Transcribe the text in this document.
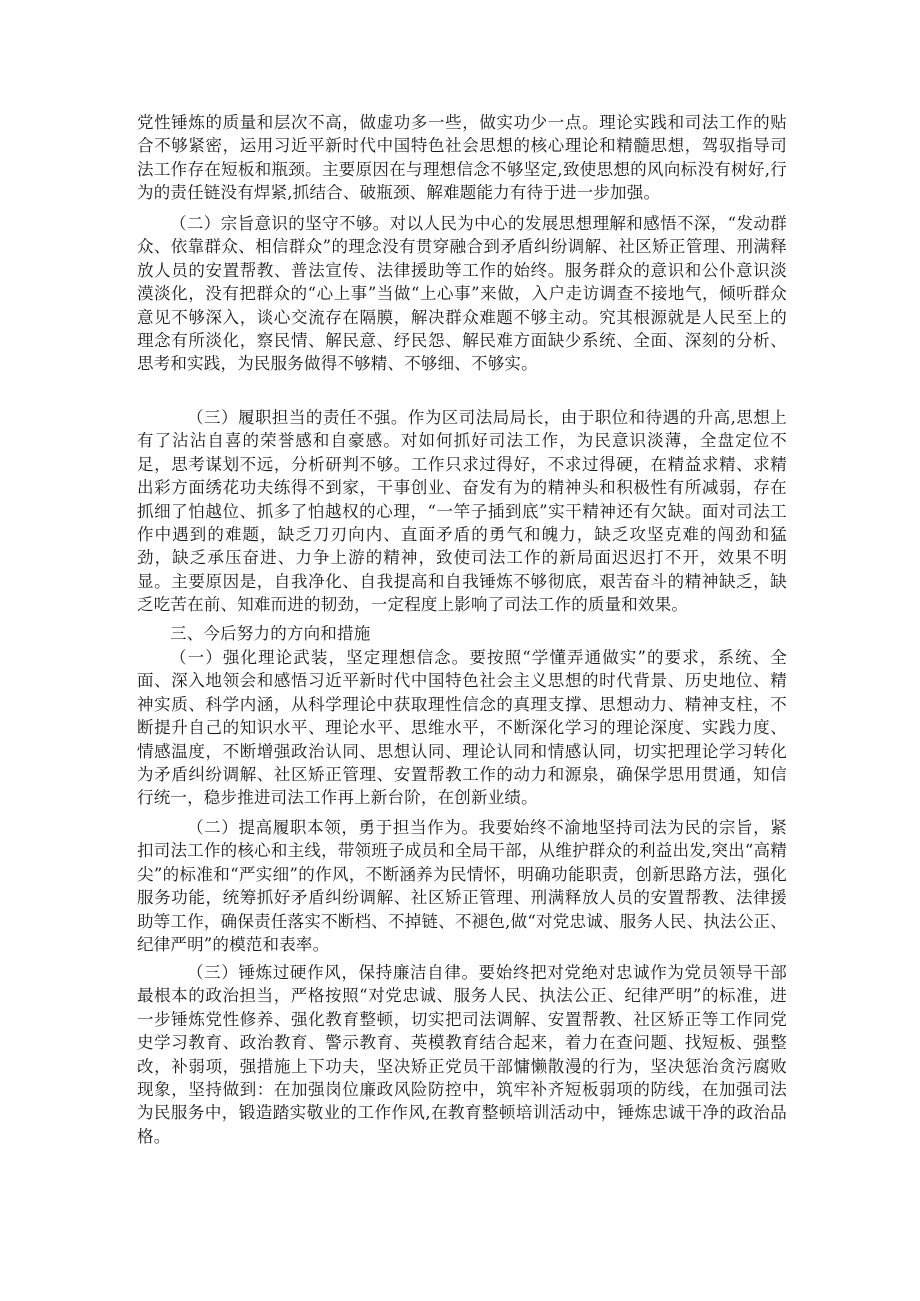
党性锤炼的质量和层次不高，做虚功多一些，做实功少一点。理论实践和司法工作的贴合不够紧密，运用习近平新时代中国特色社会思想的核心理论和精髓思想，驾驭指导司法工作存在短板和瓶颈。主要原因在与理想信念不够坚定,致使思想的风向标没有树好,行为的责任链没有焊紧,抓结合、破瓶颈、解难题能力有待于进一步加强。

（二）宗旨意识的坚守不够。对以人民为中心的发展思想理解和感悟不深，“发动群众、依靠群众、相信群众”的理念没有贯穿融合到矛盾纠纷调解、社区矫正管理、刑满释放人员的安置帮教、普法宣传、法律援助等工作的始终。服务群众的意识和公仆意识淡漠淡化，没有把群众的“心上事”当做“上心事”来做，入户走访调查不接地气，倾听群众意见不够深入，谈心交流存在隔膜，解决群众难题不够主动。究其根源就是人民至上的理念有所淡化，察民情、解民意、纾民怨、解民难方面缺少系统、全面、深刻的分析、思考和实践，为民服务做得不够精、不够细、不够实。

（三）履职担当的责任不强。作为区司法局局长，由于职位和待遇的升高,思想上有了沾沾自喜的荣誉感和自豪感。对如何抓好司法工作，为民意识淡薄，全盘定位不足，思考谋划不远，分析研判不够。工作只求过得好，不求过得硬，在精益求精、求精出彩方面绣花功夫练得不到家，干事创业、奋发有为的精神头和积极性有所减弱，存在抓细了怕越位、抓多了怕越权的心理，“一竿子插到底”实干精神还有欠缺。面对司法工作中遇到的难题，缺乏刀刃向内、直面矛盾的勇气和魄力，缺乏攻坚克难的闯劲和猛劲，缺乏承压奋进、力争上游的精神，致使司法工作的新局面迟迟打不开，效果不明显。主要原因是，自我净化、自我提高和自我锤炼不够彻底，艰苦奋斗的精神缺乏，缺乏吃苦在前、知难而进的韧劲，一定程度上影响了司法工作的质量和效果。

三、今后努力的方向和措施

（一）强化理论武装，坚定理想信念。要按照“学懂弄通做实”的要求，系统、全面、深入地领会和感悟习近平新时代中国特色社会主义思想的时代背景、历史地位、精神实质、科学内涵，从科学理论中获取理性信念的真理支撑、思想动力、精神支柱，不断提升自己的知识水平、理论水平、思维水平，不断深化学习的理论深度、实践力度、情感温度，不断增强政治认同、思想认同、理论认同和情感认同，切实把理论学习转化为矛盾纠纷调解、社区矫正管理、安置帮教工作的动力和源泉，确保学思用贯通，知信行统一，稳步推进司法工作再上新台阶，在创新业绩。

（二）提高履职本领，勇于担当作为。我要始终不渝地坚持司法为民的宗旨，紧扣司法工作的核心和主线，带领班子成员和全局干部，从维护群众的利益出发,突出“高精尖”的标准和“严实细”的作风，不断涵养为民情怀，明确功能职责，创新思路方法，强化服务功能，统筹抓好矛盾纠纷调解、社区矫正管理、刑满释放人员的安置帮教、法律援助等工作，确保责任落实不断档、不掉链、不褪色,做“对党忠诚、服务人民、执法公正、纪律严明”的模范和表率。

（三）锤炼过硬作风，保持廉洁自律。要始终把对党绝对忠诚作为党员领导干部最根本的政治担当，严格按照“对党忠诚、服务人民、执法公正、纪律严明”的标准，进一步锤炼党性修养、强化教育整顿，切实把司法调解、安置帮教、社区矫正等工作同党史学习教育、政治教育、警示教育、英模教育结合起来，着力在查问题、找短板、强整改，补弱项，强措施上下功夫，坚决矫正党员干部慵懒散漫的行为，坚决惩治贪污腐败现象，坚持做到：在加强岗位廉政风险防控中，筑牢补齐短板弱项的防线，在加强司法为民服务中，锻造踏实敬业的工作作风,在教育整顿培训活动中，锤炼忠诚干净的政治品格。
